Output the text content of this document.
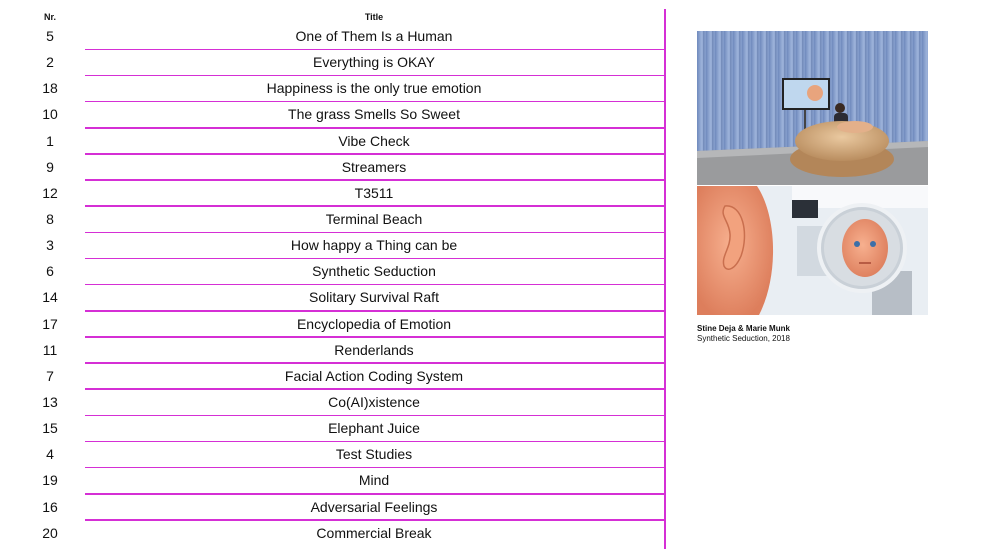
Nr.	Title
5	One of Them Is a Human
2	Everything is OKAY
18	Happiness is the only true emotion
10	The grass Smells So Sweet
1	Vibe Check
9	Streamers
12	T3511
8	Terminal Beach
3	How happy a Thing can be
6	Synthetic Seduction
14	Solitary Survival Raft
17	Encyclopedia of Emotion
11	Renderlands
7	Facial Action Coding System
13	Co(AI)xistence
15	Elephant Juice
4	Test Studies
19	Mind
16	Adversarial Feelings
20	Commercial Break
Stine Deja & Marie Munk
Synthetic Seduction, 2018
